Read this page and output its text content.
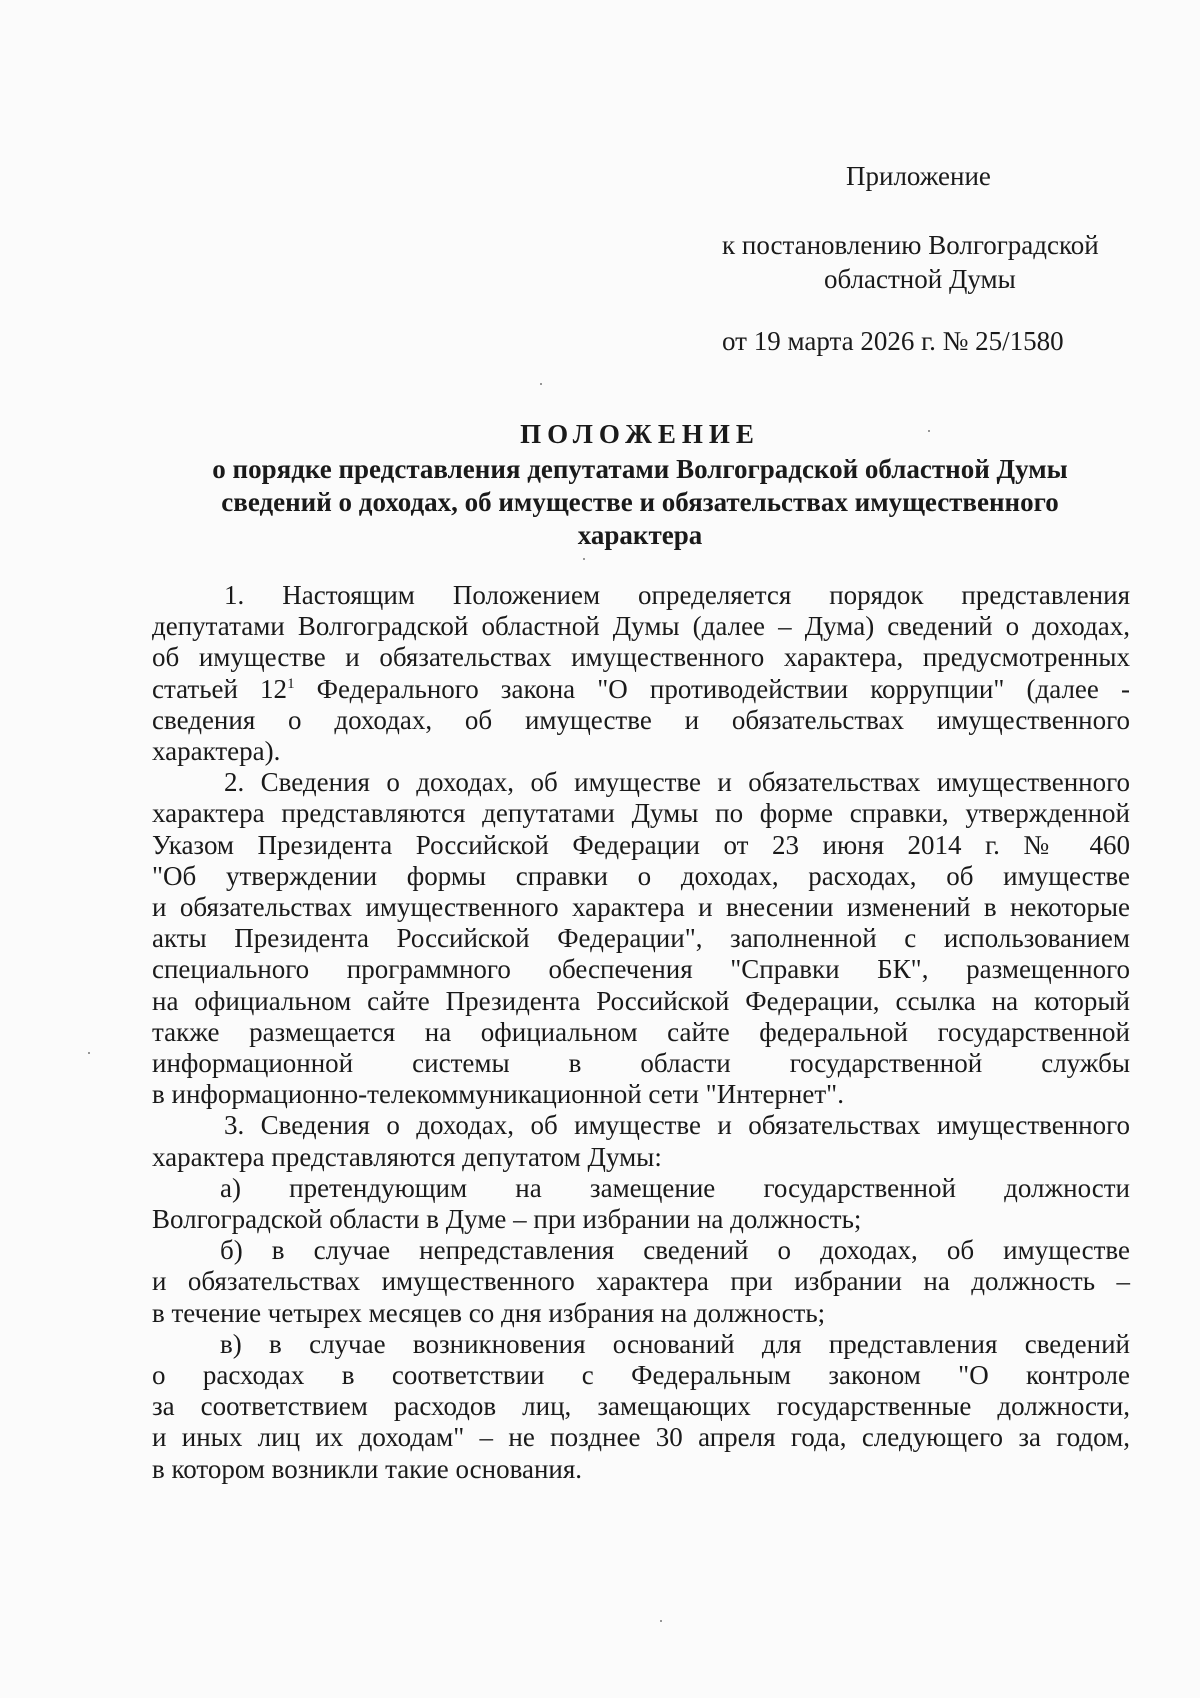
Приложение
к постановлению Волгоградской
областной Думы
от 19 марта 2026 г. № 25/1580
ПОЛОЖЕНИЕ
о порядке представления депутатами Волгоградской областной Думы
сведений о доходах, об имуществе и обязательствах имущественного
характера
1. Настоящим Положением определяется порядок представления
депутатами Волгоградской областной Думы (далее – Дума) сведений о доходах,
об имуществе и обязательствах имущественного характера, предусмотренных
статьей $12^1$ Федерального закона "О противодействии коррупции" (далее -
сведения о доходах, об имуществе и обязательствах имущественного
характера).
2. Сведения о доходах, об имуществе и обязательствах имущественного
характера представляются депутатами Думы по форме справки, утвержденной
Указом Президента Российской Федерации от 23 июня 2014 г. № 460
"Об утверждении формы справки о доходах, расходах, об имуществе
и обязательствах имущественного характера и внесении изменений в некоторые
акты Президента Российской Федерации", заполненной с использованием
специального программного обеспечения "Справки БК", размещенного
на официальном сайте Президента Российской Федерации, ссылка на который
также размещается на официальном сайте федеральной государственной
информационной системы в области государственной службы
в информационно-телекоммуникационной сети "Интернет".
3. Сведения о доходах, об имуществе и обязательствах имущественного
характера представляются депутатом Думы:
а) претендующим на замещение государственной должности
Волгоградской области в Думе – при избрании на должность;
б) в случае непредставления сведений о доходах, об имуществе
и обязательствах имущественного характера при избрании на должность –
в течение четырех месяцев со дня избрания на должность;
в) в случае возникновения оснований для представления сведений
о расходах в соответствии с Федеральным законом "О контроле
за соответствием расходов лиц, замещающих государственные должности,
и иных лиц их доходам" – не позднее 30 апреля года, следующего за годом,
в котором возникли такие основания.
